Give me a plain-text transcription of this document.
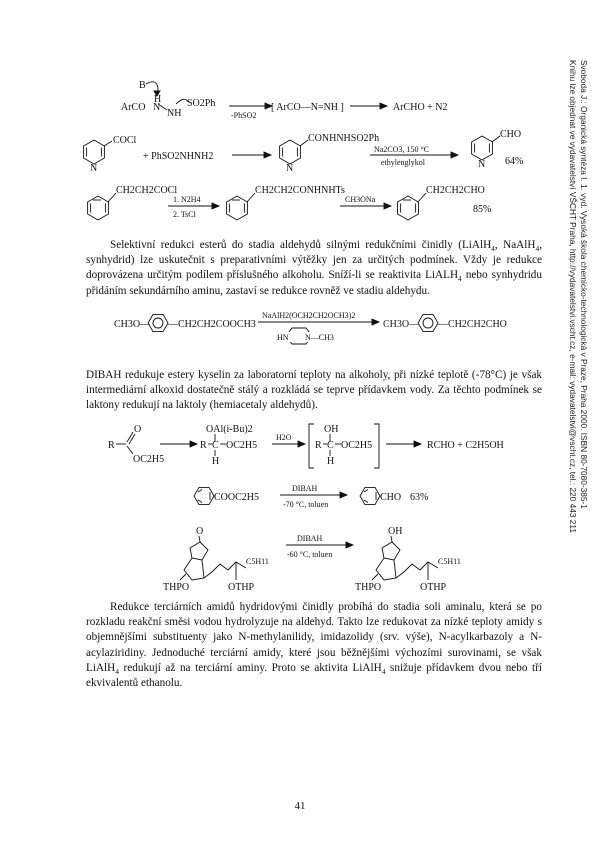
Svoboda J.: Organická syntéza I. 1. vyd. Vysoká škola chemicko-technologická v Praze, Praha 2000. ISBN 80-7080-385-1
Knihu lze objednat ve vydavatelství VŠCHT Praha, http://vydavatelstvi.vscht.cz, e-mail: vydavatelstvi@vscht.cz, tel.: 220 443 211
B
H
ArCO N
NH
SO2Ph
-PhSO2
[ ArCO—N=NH ]	ArCHO + N2
COCl
N
+ PhSO2NHNH2
CONHNHSO2Ph
N
Na2CO3, 150 °C
ethylenglykol
CHO
N 64%
CH2CH2COCl
1. N2H4
2. TsCl
CH2CH2CONHNHTs
CH3ONa
CH2CH2CHO
85%

Selektivní redukci esterů do stadia aldehydů silnými redukčními činidly (LiAlH$_4$, NaAlH$_4$, synhydrid) lze uskutečnit s preparativními výtěžky jen za určitých podmínek. Vždy je redukce doprovázena určitým podílem příslušného alkoholu. Sníží-li se reaktivita LiALH$_4$ nebo synhydridu přidáním sekundárního aminu, zastaví se redukce rovněž ve stadiu aldehydu.

CH3O— —CH2CH2COOCH3
NaAlH2(OCH2CH2OCH3)2
HN N—CH3
CH3O— —CH2CH2CHO

DIBAH redukuje estery kyselin za laboratorní teploty na alkoholy, při nízké teplotě (-78°C) je však intermediární alkoxid dostatečně stálý a rozkládá se teprve přídavkem vody. Za těchto podmínek se laktony redukují na laktoly (hemiacetaly aldehydů).

R
O
OC2H5
OAl(i-Bu)2
R C OC2H5
H
H2O
OH
R C OC2H5
H
RCHO + C2H5OH
COOC2H5
DIBAH
-70 °C, toluen
CHO 63%
O
C5H11
OTHP
THPO
DIBAH
-60 °C, toluen
OH
C5H11
OTHP
THPO

Redukce terciárních amidů hydridovými činidly probíhá do stadia soli aminalu, která se po rozkladu reakční směsi vodou hydrolyzuje na aldehyd. Takto lze redukovat za nízké teploty amidy s objemnějšími substituenty jako N-methylanilidy, imidazolidy (srv. výše), N-acylkarbazoly a N-acylaziridiny. Jednoduché terciární amidy, které jsou běžnějšími výchozími surovinami, se však LiAlH$_4$ redukují až na terciární aminy. Proto se aktivita LiAlH$_4$ snižuje přídavkem dvou nebo tří ekvivalentů ethanolu.

41
